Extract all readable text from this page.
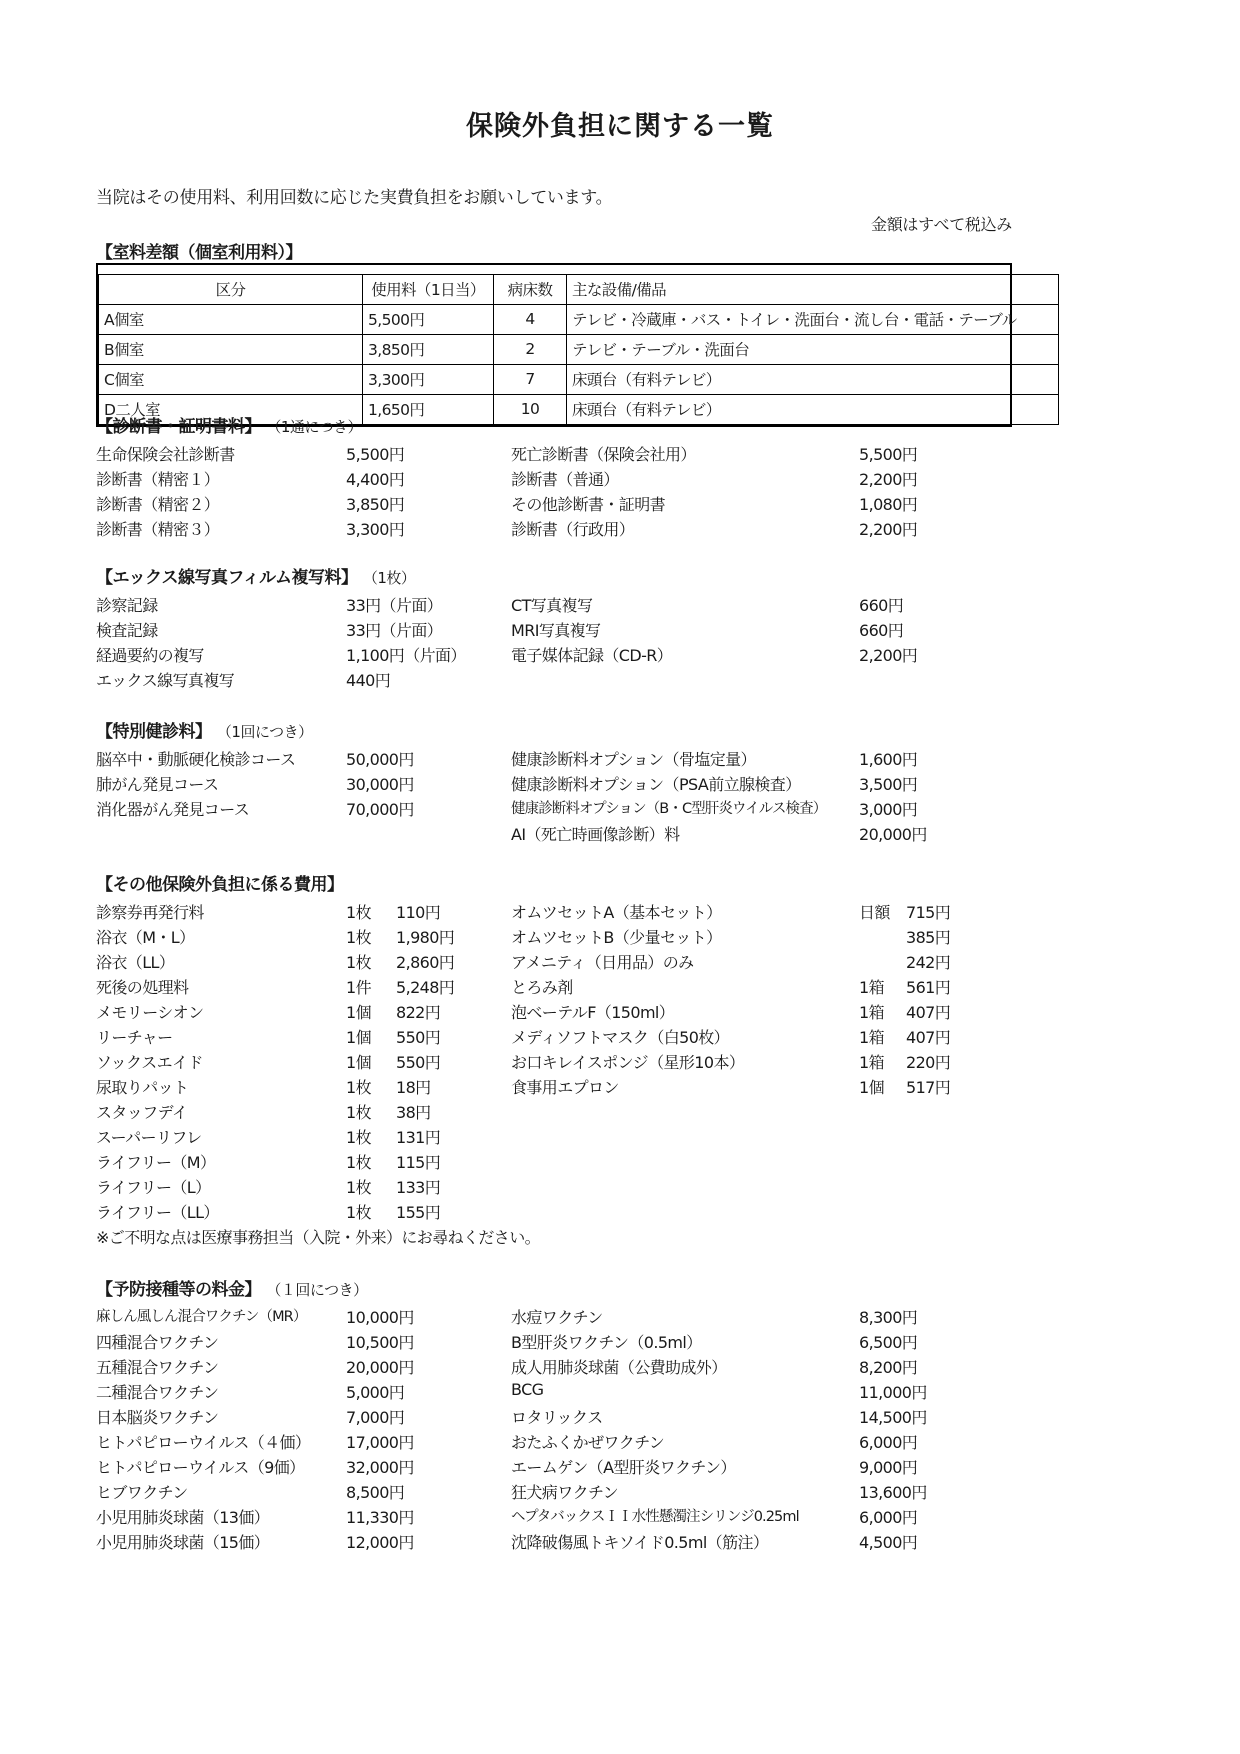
保険外負担に関する一覧
当院はその使用料、利用回数に応じた実費負担をお願いしています。
金額はすべて税込み
【室料差額（個室利用料）】
区分	使用料（1日当）	病床数	主な設備/備品
A個室	5,500円	4	テレビ・冷蔵庫・バス・トイレ・洗面台・流し台・電話・テーブル
B個室	3,850円	2	テレビ・テーブル・洗面台
C個室	3,300円	7	床頭台（有料テレビ）
D二人室	1,650円	10	床頭台（有料テレビ）
【診断書・証明書料】 （1通につき）
生命保険会社診断書	5,500円	死亡診断書（保険会社用）	5,500円
診断書（精密１）	4,400円	診断書（普通）	2,200円
診断書（精密２）	3,850円	その他診断書・証明書	1,080円
診断書（精密３）	3,300円	診断書（行政用）	2,200円
【エックス線写真フィルム複写料】 （1枚）
診察記録	33円（片面）	CT写真複写	660円
検査記録	33円（片面）	MRI写真複写	660円
経過要約の複写	1,100円（片面）	電子媒体記録（CD‐R）	2,200円
エックス線写真複写	440円
【特別健診料】 （1回につき）
脳卒中・動脈硬化検診コース	50,000円	健康診断料オプション（骨塩定量）	1,600円
肺がん発見コース	30,000円	健康診断料オプション（PSA前立腺検査）	3,500円
消化器がん発見コース	70,000円	健康診断料オプション（B・C型肝炎ウイルス検査） 3,000円
AI（死亡時画像診断）料	20,000円
【その他保険外負担に係る費用】
診察券再発行料	1枚 110円	オムツセットA（基本セット）	日額 715円
浴衣（M・L）	1枚 1,980円	オムツセットB（少量セット）	385円
浴衣（LL）	1枚 2,860円	アメニティ（日用品）のみ	242円
死後の処理料	1件 5,248円	とろみ剤	1箱 561円
メモリーシオン	1個 822円	泡ベーテルF（150ml）	1箱 407円
リーチャー	1個 550円	メディソフトマスク（白50枚）	1箱 407円
ソックスエイド	1個 550円	お口キレイスポンジ（星形10本）	1箱 220円
尿取りパット	1枚 18円	食事用エプロン	1個 517円
スタッフデイ	1枚 38円
スーパーリフレ	1枚 131円
ライフリー（M）	1枚 115円
ライフリー（L）	1枚 133円
ライフリー（LL）	1枚 155円
※ご不明な点は医療事務担当（入院・外来）にお尋ねください。
【予防接種等の料金】 （１回につき）
麻しん風しん混合ワクチン（MR） 10,000円	水痘ワクチン	8,300円
四種混合ワクチン	10,500円	B型肝炎ワクチン（0.5ml）	6,500円
五種混合ワクチン	20,000円	成人用肺炎球菌（公費助成外）	8,200円
二種混合ワクチン	5,000円	BCG	11,000円
日本脳炎ワクチン	7,000円	ロタリックス	14,500円
ヒトパピローウイルス（４価） 17,000円	おたふくかぜワクチン	6,000円
ヒトパピローウイルス（9価）	32,000円	エームゲン（A型肝炎ワクチン）	9,000円
ヒブワクチン	8,500円	狂犬病ワクチン	13,600円
小児用肺炎球菌（13価）	11,330円	ヘプタバックスＩＩ水性懸濁注シリンジ0.25ml	6,000円
小児用肺炎球菌（15価）	12,000円	沈降破傷風トキソイド0.5ml（筋注）	4,500円
